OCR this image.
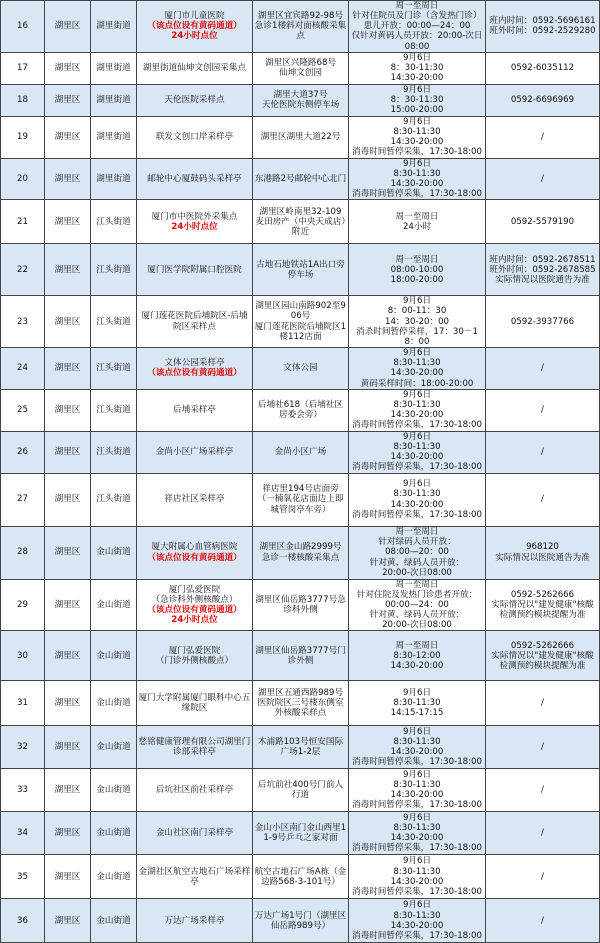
16	湖里区	湖里街道	厦门市儿童医院
（该点位设有黄码通道）
24小时点位	湖里区宜宾路92-98号
急诊1楼斜对面核酸采集点	周一至周日
针对住院员及门诊（含发热门诊）患儿开放：00:00—24：00
仅针对黄码人员开放：20:00-次日08:00	班内时间：0592-5696161
班外时间：0592-2529280

17	湖里区	湖里街道	湖里街道仙坤文创园采集点	湖里区兴隆路68号
仙坤文创园	9月6日
8：30-11:30
14:30-20:00	0592-6035112

18	湖里区	湖里街道	天伦医院采样点	湖里大道37号
天伦医院东侧停车场	9月6日
8：30-11:30
15:00-20:00	0592-6696969

19	湖里区	湖里街道	联发文创口岸采样亭	湖里区湖里大道22号	9月6日
8:30-11:30
14:30-20:00
消毒时间暂停采集，17:30-18:00	/

20	湖里区	湖里街道	邮轮中心厦鼓码头采样亭	东港路2号邮轮中心北门	9月6日
8:30-11:30
14:30-20:00
消毒时间暂停采集，17:30-18:00	/

21	湖里区	江头街道	厦门市中医院外采集点
24小时点位	湖里区岭南里32-109
麦田房产（中央天成店）附近	周一至周日
24小时	0592-5579190

22	湖里区	江头街道	厦门医学院附属口腔医院	古地石地铁站1A出口旁停车场	周一至周日
08:00-10:00
18:00-20:00	班内时间：0592-2678511
班外时间：0592-2678585
实际情况以医院通告为准

23	湖里区	江头街道	厦门莲花医院后埔院区-后埔院区采样点	湖里区园山南路902至906号
厦门莲花医院后埔院区1楼112店面	9月6日
8：00-11：30
14：30-20：00
消杀时间暂停采样，17：30－18：00	0592-3937766

24	湖里区	江头街道	文体公园采样亭
（该点位设有黄码通道）	文体公园	9月6日
8:30-11:30
14:30-20:00
黄码采样时间：18:00-20:00	/

25	湖里区	江头街道	后埔采样亭	后埔社618（后埔社区居委会旁）	9月6日
8:30-11:30
14:30-20:00
消毒时间暂停采集，17:30-18:00	/

26	湖里区	江头街道	金尚小区广场采样亭	金尚小区广场	9月6日
8:30-11:30
14:30-20:00
消毒时间暂停采集，17:30-18:00	/

27	湖里区	江头街道	祥店社区采样亭	祥店里194号店面旁（一楠氧花店面边上即城管岗亭车旁）	9月6日
8:30-11:30
14:30-20:00
消毒时间暂停采集，17:30-18:00	/

28	湖里区	金山街道	厦大附属心血管病医院
（该点位设有黄码通道）	湖里区金山路2999号
急诊一楼核酸采集点	周一至周日
针对绿码人员开放：
08:00—20：00
针对黄、绿码人员开放：
20:00-次日08:00	968120
实际情况以医院通告为准

29	湖里区	金山街道	厦门弘爱医院
（急诊科外侧核酸点）
（该点位设有黄码通道）
24小时点位	湖里区仙岳路3777号急诊科外侧	周一至周日
针对住院及发热门诊患者开放：
00:00—24：00
针对黄、绿码人员开放：
20:00-次日08:00	0592-5262666
实际情况以"建发健康"核酸检测预约模块提醒为准

30	湖里区	金山街道	厦门弘爱医院
（门诊外侧核酸点）	湖里区仙岳路3777号门诊外侧	周一至周日
8:30-12:00
14:30-20:00	0592-5262666
实际情况以"建发健康"核酸检测预约模块提醒为准

31	湖里区	金山街道	厦门大学附属厦门眼科中心五缘院区	湖里区五通西路989号
医院院区三号楼东侧室外核酸采样点	9月6日
8:30-11:30
14:15-17:15	/

32	湖里区	金山街道	慈铭健康管理有限公司湖里门诊部采样亭	木浦路103号恒安国际广场1-2层	9月6日
8:30-11:30
14:30-20:00
消毒时间暂停采集，17:30-18:00	/

33	湖里区	金山街道	后坑社区前社采样亭	后坑前社400号门前人行道	9月6日
8:30-11:30
14:30-20:00
消毒时间暂停采集，17:30-18:00	/

34	湖里区	金山街道	金山社区南门采样亭	金山小区南门金山西里11-9号乒乓之家对面	9月6日
8:30-11:30
14:30-20:00
消毒时间暂停采集，17:30-18:00	/

35	湖里区	金山街道	金湖社区航空古地石广场采样亭	航空古地石广场A栋（金边路568-3-101号）	9月6日
8:30-11:30
14:30-20:00
消毒时间暂停采集，17:30-18:00	/

36	湖里区	金山街道	万达广场采样亭	万达广场1号门（湖里区仙岳路989号）	9月6日
8:30-11:30
14:30-20:00
消毒时间暂停采集，17:30-18:00	/
